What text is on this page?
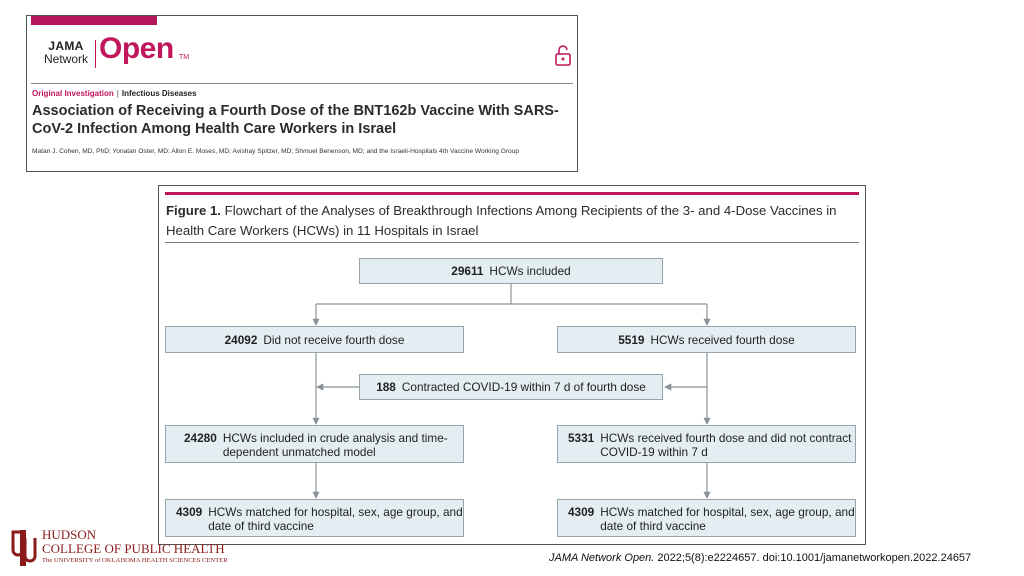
JAMA
Network Open TM
Original Investigation | Infectious Diseases
Association of Receiving a Fourth Dose of the BNT162b Vaccine With SARS-CoV-2 Infection Among Health Care Workers in Israel
Matan J. Cohen, MD, PhD; Yonatan Oster, MD; Allon E. Moses, MD; Avishay Spitzer, MD; Shmuel Benenson, MD; and the Israeli-Hospitals 4th Vaccine Working Group
Figure 1. Flowchart of the Analyses of Breakthrough Infections Among Recipients of the 3- and 4-Dose Vaccines in Health Care Workers (HCWs) in 11 Hospitals in Israel
29611 HCWs included
24092 Did not receive fourth dose	5519 HCWs received fourth dose
188 Contracted COVID-19 within 7 d of fourth dose
24280 HCWs included in crude analysis and time-dependent unmatched model
5331 HCWs received fourth dose and did not contract COVID-19 within 7 d
4309 HCWs matched for hospital, sex, age group, and date of third vaccine
4309 HCWs matched for hospital, sex, age group, and date of third vaccine
HUDSON
COLLEGE OF PUBLIC HEALTH
The UNIVERSITY of OKLAHOMA HEALTH SCIENCES CENTER	JAMA Network Open. 2022;5(8):e2224657. doi:10.1001/jamanetworkopen.2022.24657
